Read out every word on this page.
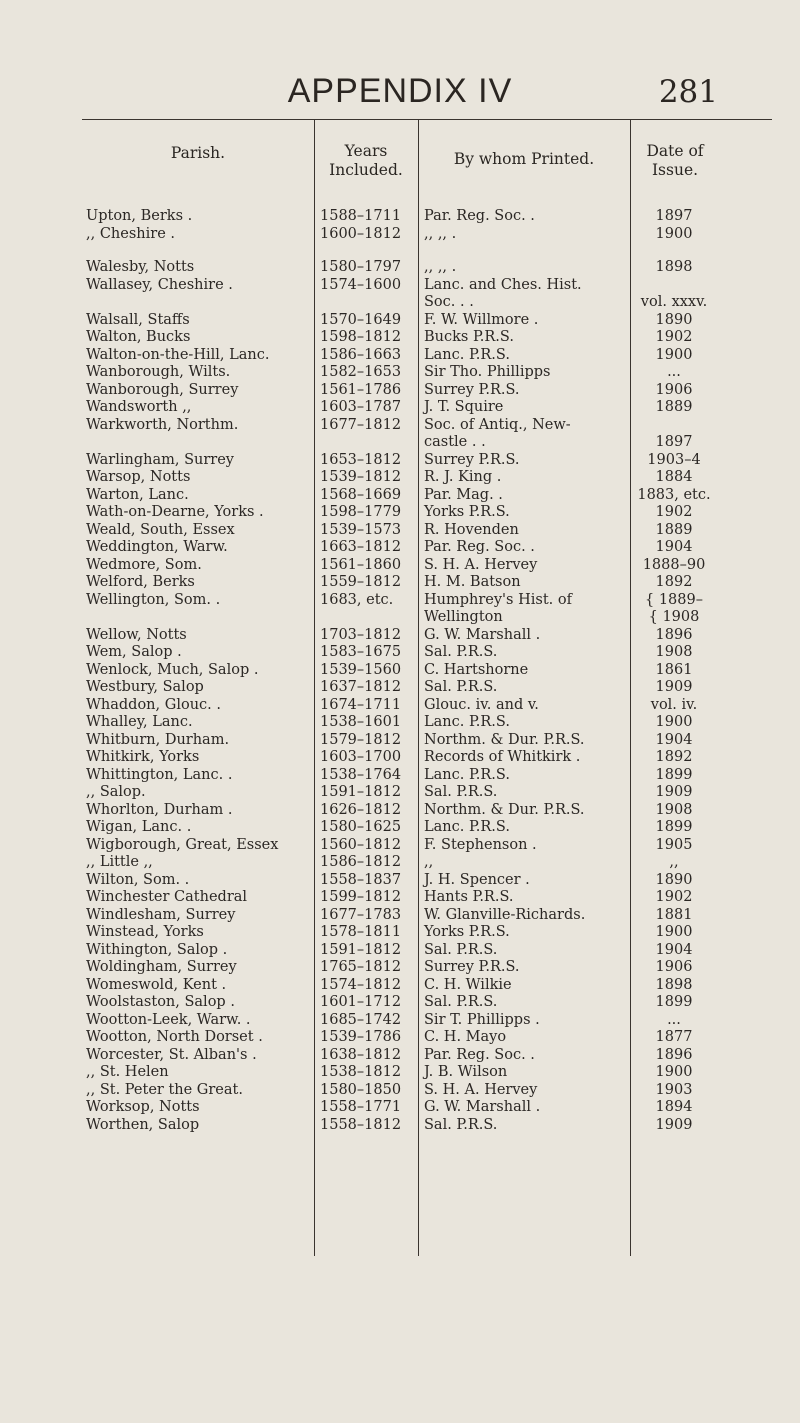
APPENDIX IV	281
Parish.	Years
Included.
By whom Printed.	Date of
Issue.
Upton, Berks .	1588–1711 Par. Reg. Soc. .	1897
,, Cheshire .	1600–1812 ,, ,, .	1900
Walesby, Notts	1580–1797 ,, ,, .	1898
Wallasey, Cheshire .	1574–1600 Lanc. and Ches. Hist.
Soc. . .	vol. xxxv.
Walsall, Staffs	1570–1649 F. W. Willmore .	1890
Walton, Bucks	1598–1812 Bucks P.R.S.	1902
Walton-on-the-Hill, Lanc.	1586–1663 Lanc. P.R.S.	1900
Wanborough, Wilts.	1582–1653 Sir Tho. Phillipps	...
Wanborough, Surrey	1561–1786 Surrey P.R.S.	1906
Wandsworth ,,	1603–1787 J. T. Squire	1889
Warkworth, Northm.	1677–1812 Soc. of Antiq., New-
castle . .	1897
Warlingham, Surrey	1653–1812 Surrey P.R.S.	1903–4
Warsop, Notts	1539–1812 R. J. King .	1884
Warton, Lanc.	1568–1669 Par. Mag. .	1883, etc.
Wath-on-Dearne, Yorks .	1598–1779 Yorks P.R.S.	1902
Weald, South, Essex	1539–1573 R. Hovenden	1889
Weddington, Warw.	1663–1812 Par. Reg. Soc. .	1904
Wedmore, Som.	1561–1860 S. H. A. Hervey	1888–90
Welford, Berks	1559–1812 H. M. Batson	1892
Wellington, Som. .	1683, etc. Humphrey's Hist. of	{ 1889–
Wellington	{ 1908
Wellow, Notts	1703–1812 G. W. Marshall .	1896
Wem, Salop .	1583–1675 Sal. P.R.S.	1908
Wenlock, Much, Salop .	1539–1560 C. Hartshorne	1861
Westbury, Salop	1637–1812 Sal. P.R.S.	1909
Whaddon, Glouc. .	1674–1711 Glouc. iv. and v.	vol. iv.
Whalley, Lanc.	1538–1601 Lanc. P.R.S.	1900
Whitburn, Durham.	1579–1812 Northm. & Dur. P.R.S.	1904
Whitkirk, Yorks	1603–1700 Records of Whitkirk .	1892
Whittington, Lanc. .	1538–1764 Lanc. P.R.S.	1899
,, Salop.	1591–1812 Sal. P.R.S.	1909
Whorlton, Durham .	1626–1812 Northm. & Dur. P.R.S.	1908
Wigan, Lanc. .	1580–1625 Lanc. P.R.S.	1899
Wigborough, Great, Essex	1560–1812 F. Stephenson .	1905
,, Little ,,	1586–1812 ,,	,,
Wilton, Som. .	1558–1837 J. H. Spencer .	1890
Winchester Cathedral	1599–1812 Hants P.R.S.	1902
Windlesham, Surrey	1677–1783 W. Glanville-Richards.	1881
Winstead, Yorks	1578–1811 Yorks P.R.S.	1900
Withington, Salop .	1591–1812 Sal. P.R.S.	1904
Woldingham, Surrey	1765–1812 Surrey P.R.S.	1906
Womeswold, Kent .	1574–1812 C. H. Wilkie	1898
Woolstaston, Salop .	1601–1712 Sal. P.R.S.	1899
Wootton-Leek, Warw. .	1685–1742 Sir T. Phillipps .	...
Wootton, North Dorset .	1539–1786 C. H. Mayo	1877
Worcester, St. Alban's .	1638–1812 Par. Reg. Soc. .	1896
,, St. Helen	1538–1812 J. B. Wilson	1900
,, St. Peter the Great.	1580–1850 S. H. A. Hervey	1903
Worksop, Notts	1558–1771 G. W. Marshall .	1894
Worthen, Salop	1558–1812 Sal. P.R.S.	1909
